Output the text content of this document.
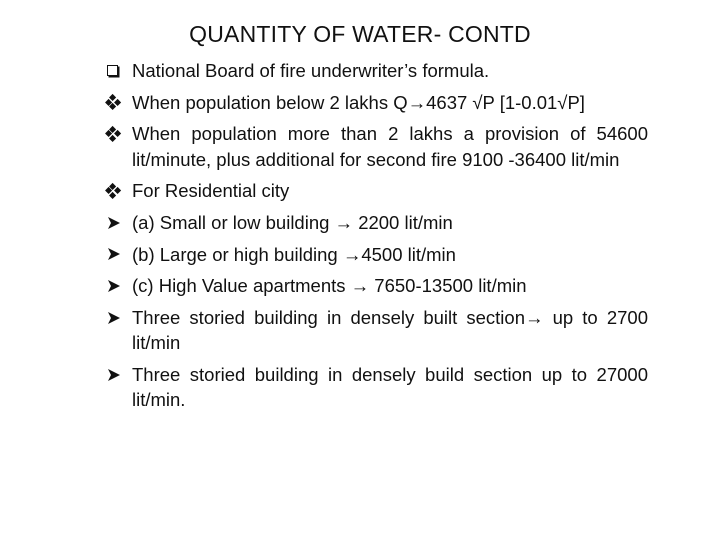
QUANTITY OF WATER- CONTD
National Board of fire underwriter’s formula.
When population below 2 lakhs Q→4637 √P [1-0.01√P]
When population more than 2 lakhs a provision of 54600 lit/minute, plus additional for second fire 9100 -36400 lit/min
For Residential city
(a) Small or low building → 2200 lit/min
(b) Large or high building →4500 lit/min
(c) High Value apartments → 7650-13500 lit/min
Three storied building in densely built section→ up to 2700 lit/min
Three storied building in densely build section up to 27000 lit/min.
